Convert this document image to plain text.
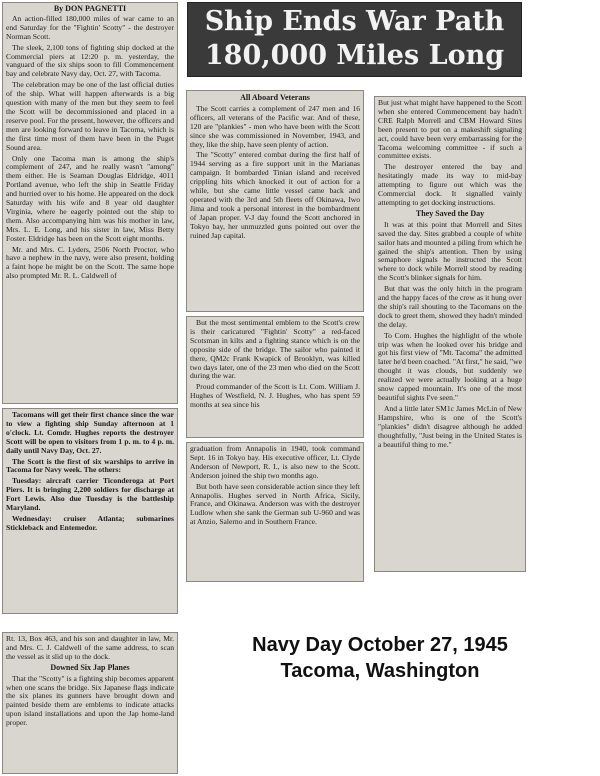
By DON PAGNETTI

An action-filled 180,000 miles of war came to an end Saturday for the "Fightin' Scotty" - the destroyer Norman Scott.

The sleek, 2,100 tons of fighting ship docked at the Commercial piers at 12:20 p. m. yesterday, the vanguard of the six ships soon to fill Commencement bay and celebrate Navy day, Oct. 27, with Tacoma.

The celebration may be one of the last official duties of the ship. What will happen afterwards is a big question with many of the men but they seem to feel the Scott will be decommissioned and placed in a reserve pool. For the present, however, the officers and men are looking forward to leave in Tacoma, which is the first time most of them have been in the Puget Sound area.

Only one Tacoma man is among the ship's complement of 247, and he really wasn't "among" them either. He is Seaman Douglas Eldridge, 4011 Portland avenue, who left the ship in Seattle Friday and hurried over to his home. He appeared on the dock Saturday with his wife and 8 year old daughter Virginia, where he eagerly pointed out the ship to them. Also accompanying him was his mother in law, Mrs. L. E. Long, and his sister in law, Miss Betty Foster. Eldridge has been on the Scott eight months.

Mr. and Mrs. C. Lyders, 2506 North Proctor, who have a nephew in the navy, were also present, holding a faint hope he might be on the Scott. The same hope also prompted Mr. R. L. Caldwell of

Tacomans will get their first chance since the war to view a fighting ship Sunday afternoon at 1 o'clock. Lt. Comdr. Hughes reports the destroyer Scott will be open to visitors from 1 p. m. to 4 p. m. daily until Navy Day, Oct. 27.

The Scott is the first of six warships to arrive in Tacoma for Navy week. The others:

Tuesday: aircraft carrier Ticonderoga at Port Piers. It is bringing 2,200 soldiers for discharge at Fort Lewis. Also due Tuesday is the battleship Maryland.

Wednesday: cruiser Atlanta; submarines Stickleback and Entemedor.

Rt. 13, Box 463, and his son and daughter in law, Mr. and Mrs. C. J. Caldwell of the same address, to scan the vessel as it slid up to the dock.

Downed Six Jap Planes

That the "Scotty" is a fighting ship becomes apparent when one scans the bridge. Six Japanese flags indicate the six planes its gunners have brought down and painted beside them are emblems to indicate attacks upon island installations and upon the Jap home-land proper.

Ship Ends War Path
180,000 Miles Long
All Aboard Veterans

The Scott carries a complement of 247 men and 16 officers, all veterans of the Pacific war. And of these, 120 are "plankies" - men who have been with the Scott since she was commissioned in November, 1943, and they, like the ship, have seen plenty of action.

The "Scotty" entered combat during the first half of 1944 serving as a fire support unit in the Marianas campaign. It bombarded Tinian island and received crippling hits which knocked it out of action for a while, but she came little vessel came back and operated with the 3rd and 5th fleets off Okinawa, Iwo Jima and took a personal interest in the bombardment of Japan proper. V-J day found the Scott anchored in Tokyo bay, her unmuzzled guns pointed out over the ruined Jap capital.

But the most sentimental emblem to the Scott's crew is their caricatured "Fightin' Scotty" a red-faced Scotsman in kilts and a fighting stance which is on the opposite side of the bridge. The sailor who painted it there, QM2c Frank Kwapick of Brooklyn, was killed two days later, one of the 23 men who died on the Scott during the war.

Proud commander of the Scott is Lt. Com. William J. Hughes of Westfield, N. J. Hughes, who has spent 59 months at sea since his

graduation from Annapolis in 1940, took command Sept. 16 in Tokyo bay. His executive officer, Lt. Clyde Anderson of Newport, R. I., is also new to the Scott. Anderson joined the ship two months ago.

But both have seen considerable action since they left Annapolis. Hughes served in North Africa, Sicily, France, and Okinawa. Anderson was with the destroyer Ludlow when she sank the German sub U-960 and was at Anzio, Salerno and in Southern France.

But just what might have happened to the Scott when she entered Commencement bay hadn't CRE Ralph Morrell and CBM Howard Sites been present to put on a makeshift signaling act, could have been very embarrassing for the Tacoma welcoming committee - if such a committee exists.

The destroyer entered the bay and hesitatingly made its way to mid-bay attempting to figure out which was the Commercial dock. It signalled vainly attempting to get docking instructions.

They Saved the Day

It was at this point that Morrell and Sites saved the day. Sites grabbed a couple of white sailor hats and mounted a piling from which he gained the ship's attention. Then by using semaphore signals he instructed the Scott where to dock while Morrell stood by reading the Scott's blinker signals for him.

But that was the only hitch in the program and the happy faces of the crew as it hung over the ship's rail shouting to the Tacomans on the dock to greet them, showed they hadn't minded the delay.

To Com. Hughes the highlight of the whole trip was when he looked over his bridge and got his first view of "Mt. Tacoma" the admitted later he'd been coached. "At first," he said, "we thought it was clouds, but suddenly we realized we were actually looking at a huge snow capped mountain. It's one of the most beautiful sights I've seen."

And a little later SM1c James McLin of New Hampshire, who is one of the Scott's "plankies" didn't disagree although he added thoughtfully, "Just being in the United States is a beautiful thing to me."

Navy Day October 27, 1945
Tacoma, Washington
